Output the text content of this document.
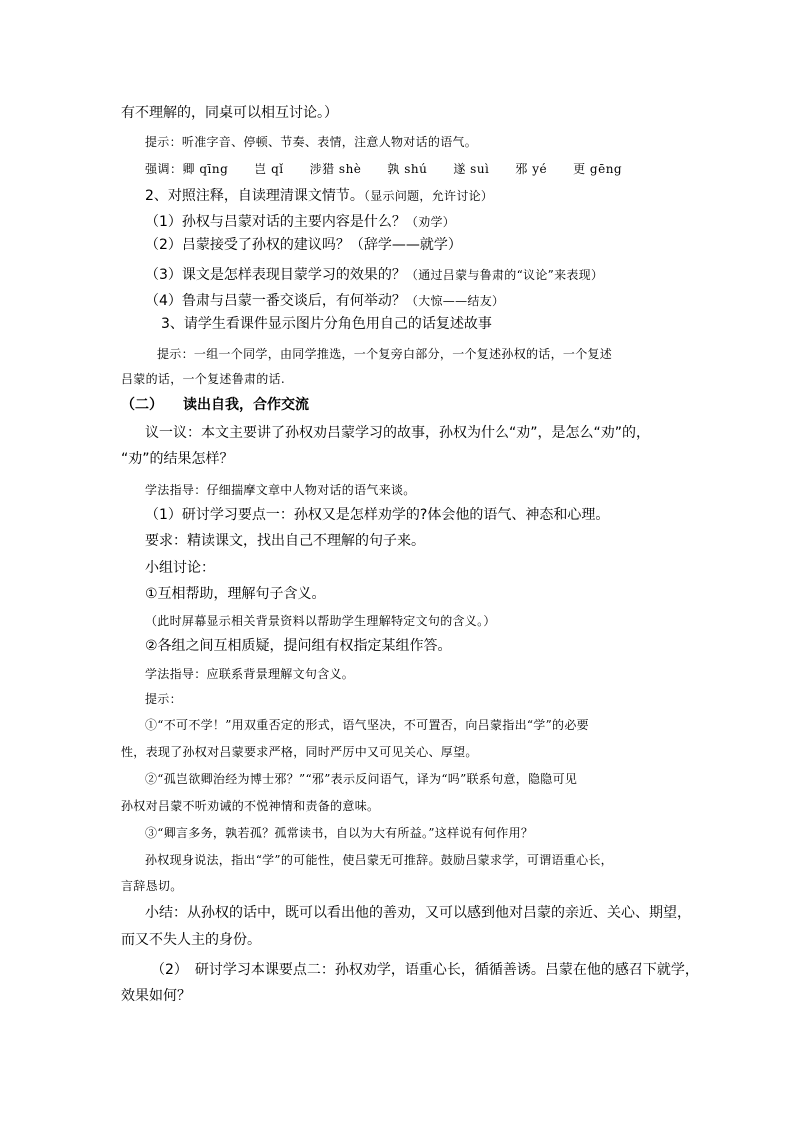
有不理解的，同桌可以相互讨论。）
提示：听准字音、停顿、节奏、表情，注意人物对话的语气。
强调：卿 qīng 岂 qǐ 涉猎 shè 孰 shú 遂 suì 邪 yé 更 gēng
2、对照注释，自读理清课文情节。（显示问题，允许讨论）
（1）孙权与吕蒙对话的主要内容是什么？（劝学）
（2）吕蒙接受了孙权的建议吗？（辞学——就学）
（3）课文是怎样表现目蒙学习的效果的？（通过吕蒙与鲁肃的“议论”来表现）
（4）鲁肃与吕蒙一番交谈后，有何举动？（大惊——结友）
3、请学生看课件显示图片分角色用自己的话复述故事
提示：一组一个同学，由同学推选，一个复旁白部分，一个复述孙权的话，一个复述
吕蒙的话，一个复述鲁肃的话.
（二） 读出自我，合作交流
议一议：本文主要讲了孙权劝吕蒙学习的故事，孙权为什么“劝”，是怎么“劝”的，
“劝”的结果怎样？
学法指导：仔细揣摩文章中人物对话的语气来谈。
（1）研讨学习要点一：孙权又是怎样劝学的?体会他的语气、神态和心理。
要求：精读课文，找出自己不理解的句子来。
小组讨论：
①互相帮助，理解句子含义。
（此时屏幕显示相关背景资料以帮助学生理解特定文句的含义。）
②各组之间互相质疑，提问组有权指定某组作答。
学法指导：应联系背景理解文句含义。
提示：
①“不可不学！”用双重否定的形式，语气坚决，不可置否，向吕蒙指出“学”的必要
性，表现了孙权对吕蒙要求严格，同时严厉中又可见关心、厚望。
②“孤岂欲卿治经为博士邪？”“邪”表示反问语气，译为“吗”联系句意，隐隐可见
孙权对吕蒙不听劝诫的不悦神情和责备的意味。
③“卿言多务，孰若孤？孤常读书，自以为大有所益。”这样说有何作用？
孙权现身说法，指出“学”的可能性，使吕蒙无可推辞。鼓励吕蒙求学，可谓语重心长，
言辞恳切。
小结：从孙权的话中，既可以看出他的善劝，又可以感到他对吕蒙的亲近、关心、期望，
而又不失人主的身份。
（2）　研讨学习本课要点二：孙权劝学，语重心长，循循善诱。吕蒙在他的感召下就学，
效果如何？
